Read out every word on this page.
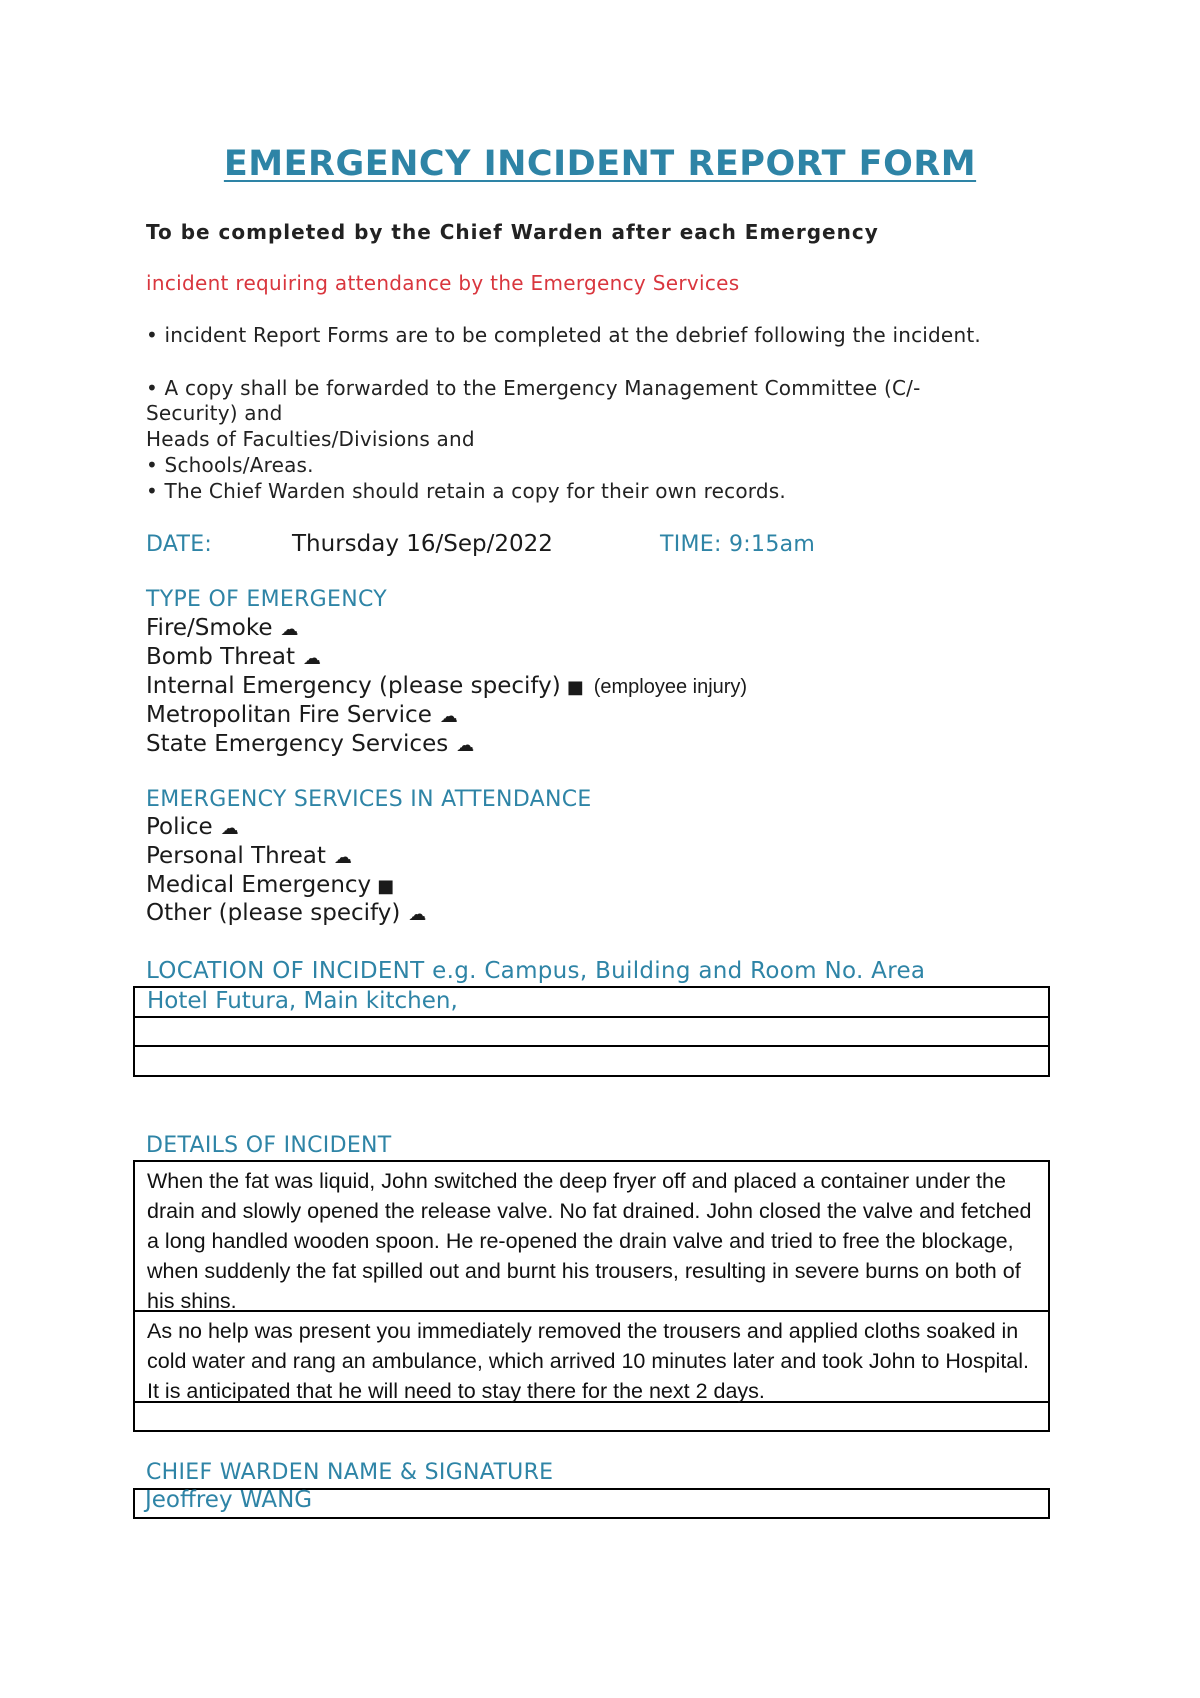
EMERGENCY INCIDENT REPORT FORM
To be completed by the Chief Warden after each Emergency
incident requiring attendance by the Emergency Services
• incident Report Forms are to be completed at the debrief following the incident.
• A copy shall be forwarded to the Emergency Management Committee (C/-
Security) and
Heads of Faculties/Divisions and
• Schools/Areas.
• The Chief Warden should retain a copy for their own records.
DATE:	Thursday 16/Sep/2022	TIME: 9:15am
TYPE OF EMERGENCY
Fire/Smoke ☁
Bomb Threat ☁
Internal Emergency (please specify) ■ (employee injury)
Metropolitan Fire Service ☁
State Emergency Services ☁
EMERGENCY SERVICES IN ATTENDANCE
Police ☁
Personal Threat ☁
Medical Emergency ■
Other (please specify) ☁
LOCATION OF INCIDENT e.g. Campus, Building and Room No. Area
Hotel Futura, Main kitchen,
DETAILS OF INCIDENT
When the fat was liquid, John switched the deep fryer off and placed a container under the drain and slowly opened the release valve. No fat drained. John closed the valve and fetched a long handled wooden spoon. He re-opened the drain valve and tried to free the blockage, when suddenly the fat spilled out and burnt his trousers, resulting in severe burns on both of his shins.
As no help was present you immediately removed the trousers and applied cloths soaked in cold water and rang an ambulance, which arrived 10 minutes later and took John to Hospital. It is anticipated that he will need to stay there for the next 2 days.
CHIEF WARDEN NAME & SIGNATURE
Jeoffrey WANG
